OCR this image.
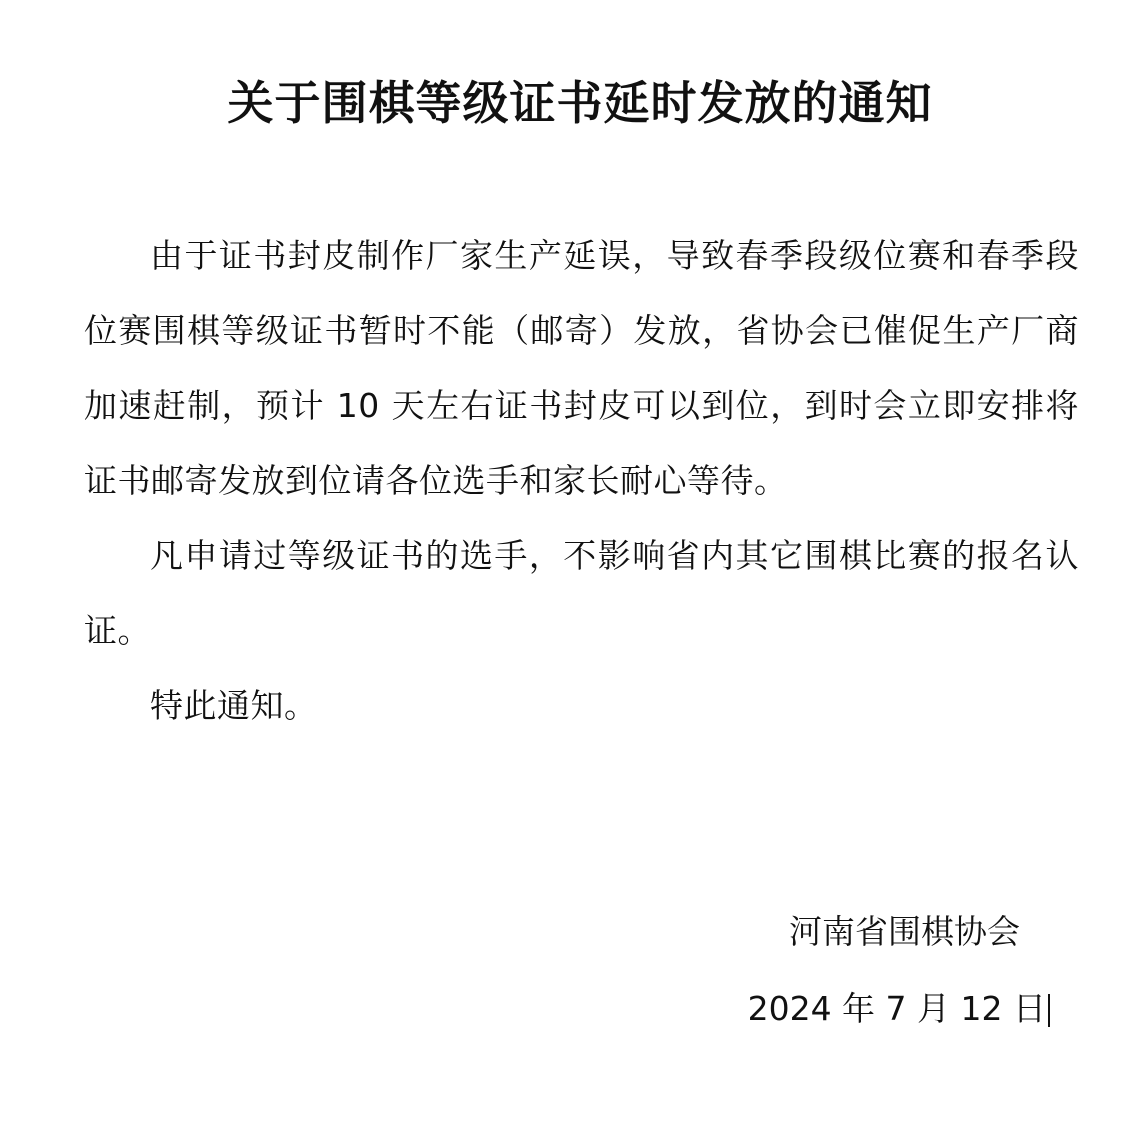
关于围棋等级证书延时发放的通知

由于证书封皮制作厂家生产延误，导致春季段级位赛和春季段位赛围棋等级证书暂时不能（邮寄）发放，省协会已催促生产厂商加速赶制，预计 10 天左右证书封皮可以到位，到时会立即安排将证书邮寄发放到位请各位选手和家长耐心等待。

凡申请过等级证书的选手，不影响省内其它围棋比赛的报名认证。

特此通知。

河南省围棋协会
2024 年 7 月 12 日
